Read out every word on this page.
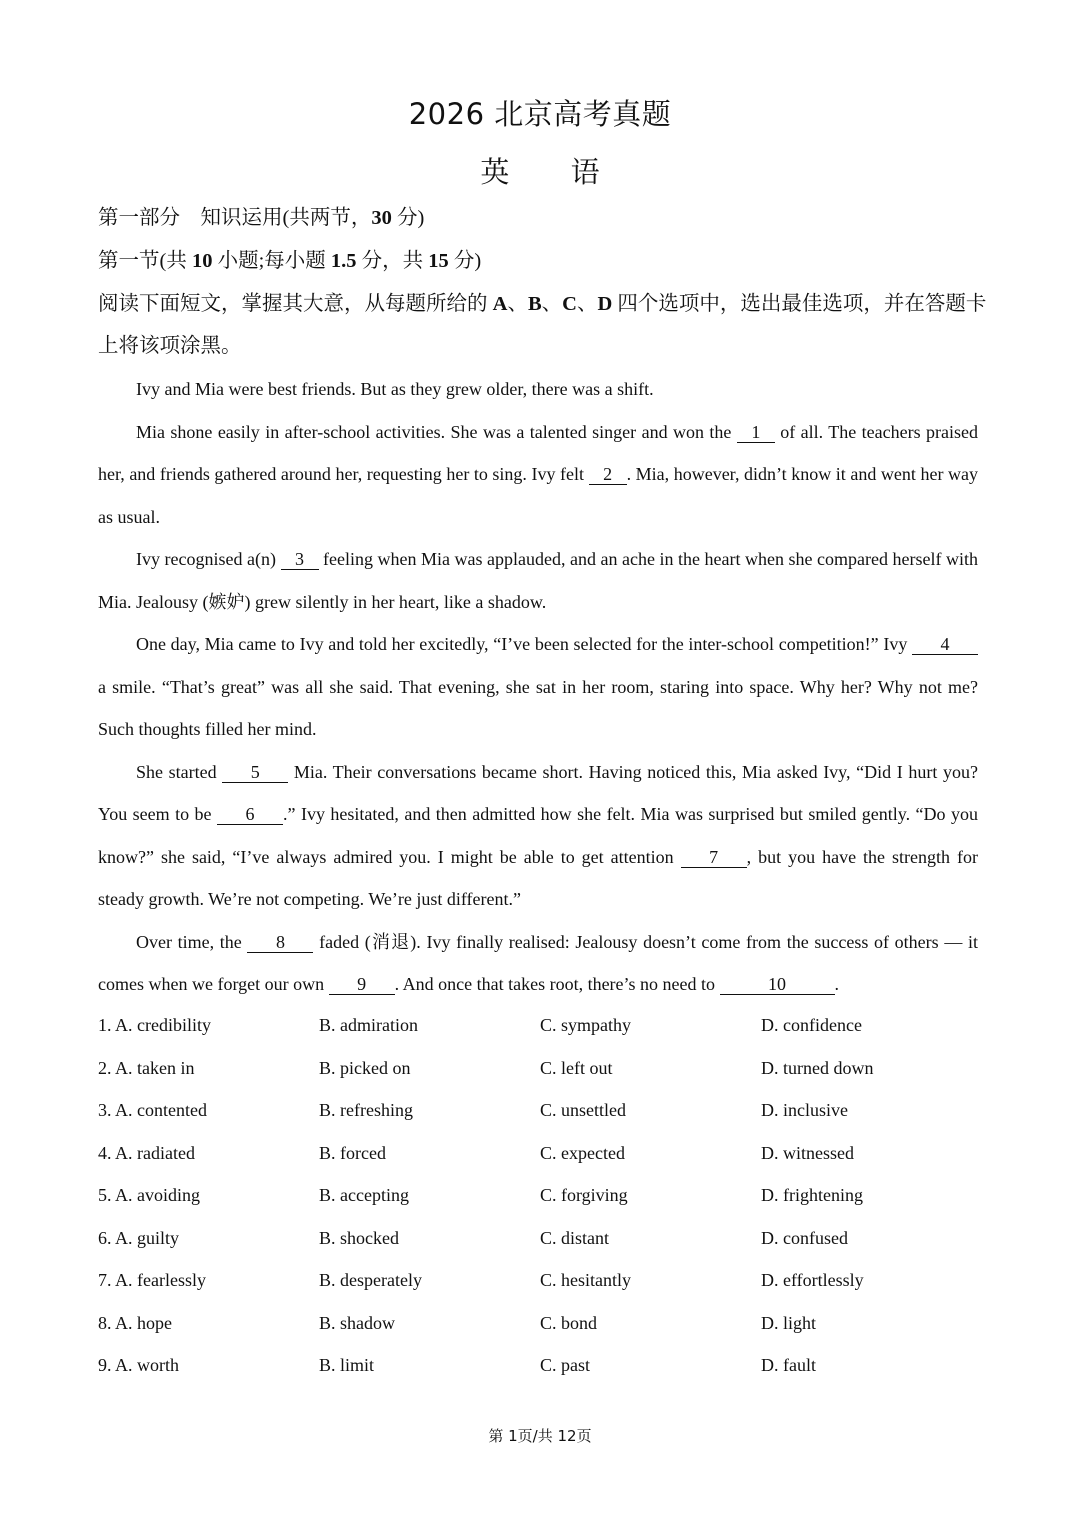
2026 北京高考真题
英 语
第一部分　知识运用(共两节，30 分)
第一节(共 10 小题;每小题 1.5 分，共 15 分)
阅读下面短文，掌握其大意，从每题所给的 A、B、C、D 四个选项中，选出最佳选项，并在答题卡上将该项涂黑。

Ivy and Mia were best friends. But as they grew older, there was a shift.

Mia shone easily in after-school activities. She was a talented singer and won the 1 of all. The teachers praised her, and friends gathered around her, requesting her to sing. Ivy felt 2 . Mia, however, didn’t know it and went her way as usual.

Ivy recognised a(n) 3 feeling when Mia was applauded, and an ache in the heart when she compared herself with Mia. Jealousy (嫉妒) grew silently in her heart, like a shadow.

One day, Mia came to Ivy and told her excitedly, “I’ve been selected for the inter-school competition!” Ivy 4 a smile. “That’s great” was all she said. That evening, she sat in her room, staring into space. Why her? Why not me? Such thoughts filled her mind.

She started 5 Mia. Their conversations became short. Having noticed this, Mia asked Ivy, “Did I hurt you? You seem to be 6 .” Ivy hesitated, and then admitted how she felt. Mia was surprised but smiled gently. “Do you know?” she said, “I’ve always admired you. I might be able to get attention 7 , but you have the strength for steady growth. We’re not competing. We’re just different.”

Over time, the 8 faded (消退). Ivy finally realised: Jealousy doesn’t come from the success of others — it comes when we forget our own 9 . And once that takes root, there’s no need to	10	.

1. A. credibility	B. admiration	C. sympathy	D. confidence
2. A. taken in	B. picked on	C. left out	D. turned down
3. A. contented	B. refreshing	C. unsettled	D. inclusive
4. A. radiated	B. forced	C. expected	D. witnessed
5. A. avoiding	B. accepting	C. forgiving	D. frightening
6. A. guilty	B. shocked	C. distant	D. confused
7. A. fearlessly	B. desperately	C. hesitantly	D. effortlessly
8. A. hope	B. shadow	C. bond	D. light
9. A. worth	B. limit	C. past	D. fault
第 1页/共 12页
